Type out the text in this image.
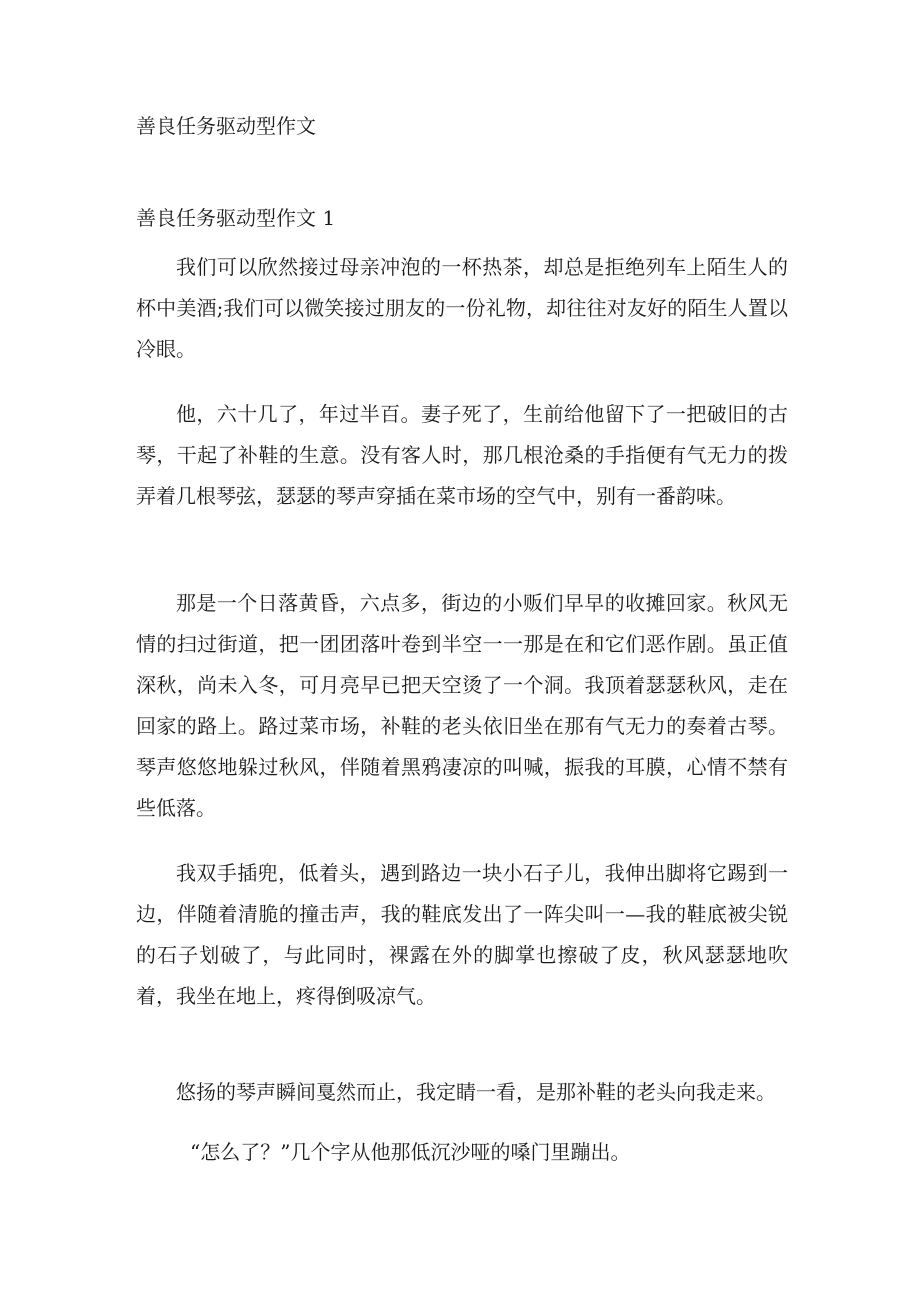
善良任务驱动型作文
善良任务驱动型作文 1

我们可以欣然接过母亲冲泡的一杯热茶，却总是拒绝列车上陌生人的杯中美酒;我们可以微笑接过朋友的一份礼物，却往往对友好的陌生人置以冷眼。

他，六十几了，年过半百。妻子死了，生前给他留下了一把破旧的古琴，干起了补鞋的生意。没有客人时，那几根沧桑的手指便有气无力的拨弄着几根琴弦，瑟瑟的琴声穿插在菜市场的空气中，别有一番韵味。

那是一个日落黄昏，六点多，街边的小贩们早早的收摊回家。秋风无情的扫过街道，把一团团落叶卷到半空一一那是在和它们恶作剧。虽正值深秋，尚未入冬，可月亮早已把天空烫了一个洞。我顶着瑟瑟秋风，走在回家的路上。路过菜市场，补鞋的老头依旧坐在那有气无力的奏着古琴。琴声悠悠地躲过秋风，伴随着黑鸦凄凉的叫喊，振我的耳膜，心情不禁有些低落。

我双手插兜，低着头，遇到路边一块小石子儿，我伸出脚将它踢到一边，伴随着清脆的撞击声，我的鞋底发出了一阵尖叫一—我的鞋底被尖锐的石子划破了，与此同时，裸露在外的脚掌也擦破了皮，秋风瑟瑟地吹着，我坐在地上，疼得倒吸凉气。

悠扬的琴声瞬间戛然而止，我定睛一看，是那补鞋的老头向我走来。

“怎么了？”几个字从他那低沉沙哑的嗓门里蹦出。
